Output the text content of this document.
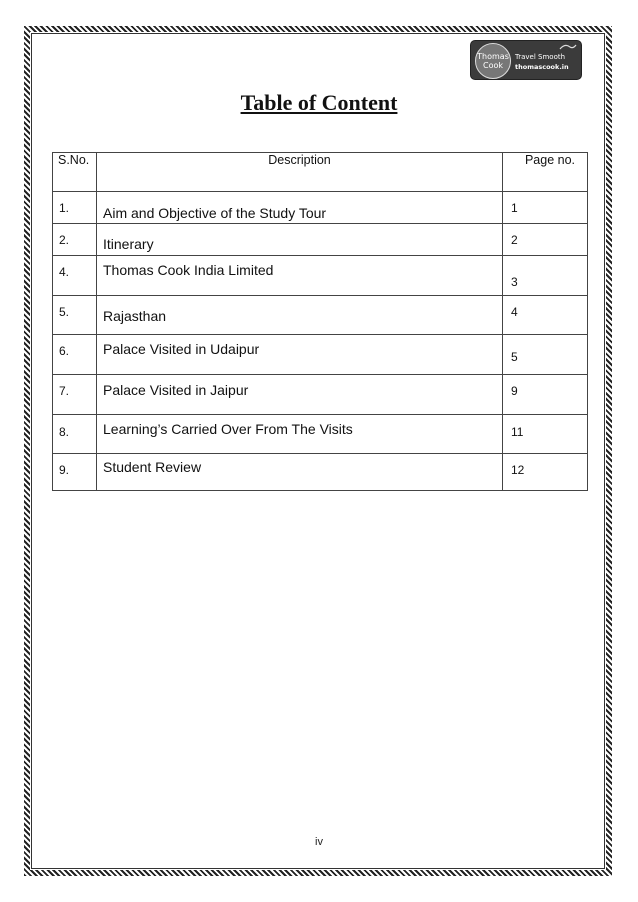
Thomas
Cook
Travel Smooth
thomascook.in
Table of Content
S.No.	Description	Page no.

1.	Aim and Objective of the Study Tour	1

2.	Itinerary	2

4.	Thomas Cook India Limited	3

5.	Rajasthan	4

6.	Palace Visited in Udaipur	5

7.	Palace Visited in Jaipur	9

8.	Learning’s Carried Over From The Visits	11

9.	Student Review	12
iv
